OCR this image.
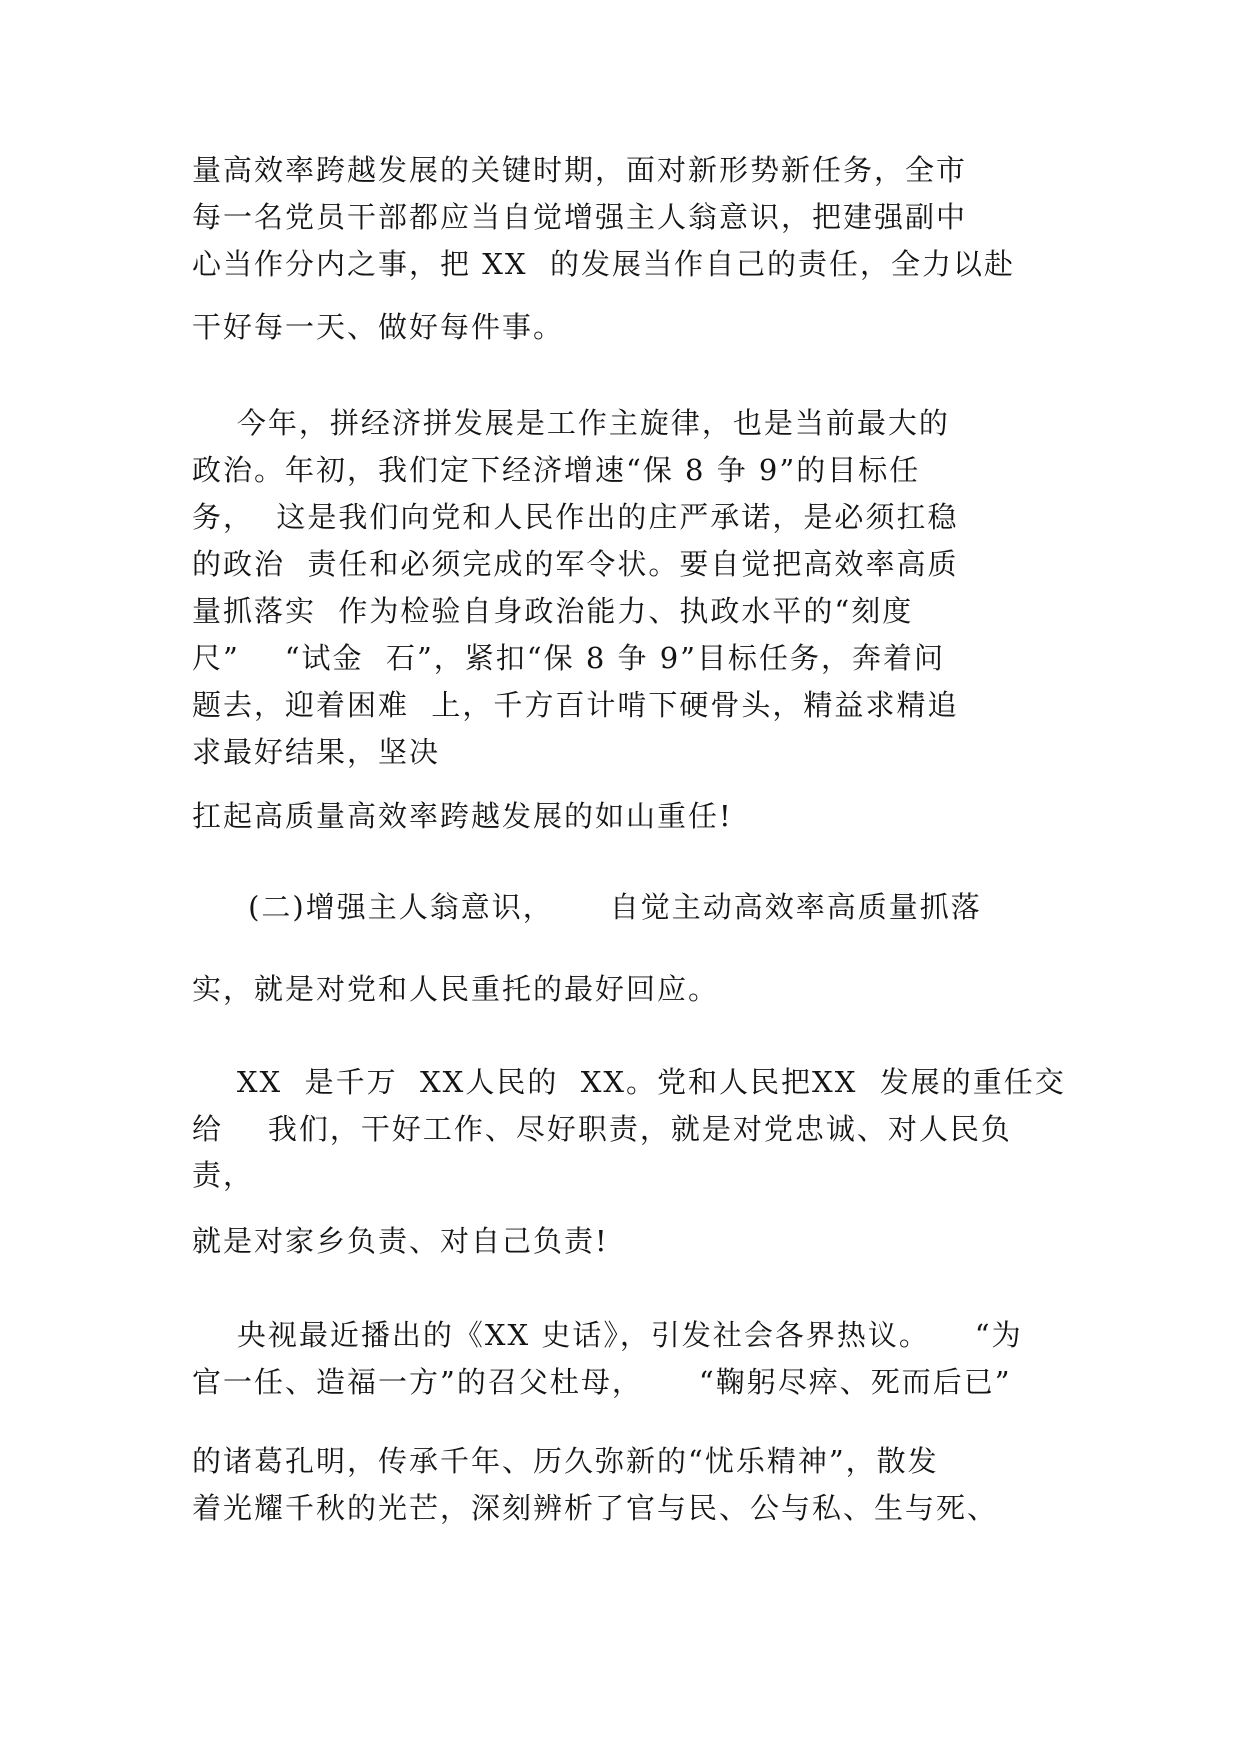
量高效率跨越发展的关键时期，面对新形势新任务，全市
每一名党员干部都应当自觉增强主人翁意识，把建强副中
心当作分内之事，把 XX  的发展当作自己的责任，全力以赴
干好每一天、做好每件事。
今年，拼经济拼发展是工作主旋律，也是当前最大的
政治。年初，我们定下经济增速“保 8 争 9”的目标任
务，  这是我们向党和人民作出的庄严承诺，是必须扛稳
的政治  责任和必须完成的军令状。要自觉把高效率高质
量抓落实  作为检验自身政治能力、执政水平的“刻度
尺”    “试金  石”，紧扣“保 8 争 9”目标任务，奔着问
题去，迎着困难  上，千方百计啃下硬骨头，精益求精追
求最好结果，坚决
扛起高质量高效率跨越发展的如山重任!
(二)增强主人翁意识，     自觉主动高效率高质量抓落
实，就是对党和人民重托的最好回应。
XX  是千万  XX人民的  XX。党和人民把XX  发展的重任交
给    我们，干好工作、尽好职责，就是对党忠诚、对人民负
责，
就是对家乡负责、对自己负责!
央视最近播出的《XX 史话》，引发社会各界热议。    “为
官一任、造福一方”的召父杜母，     “鞠躬尽瘁、死而后已”
的诸葛孔明，传承千年、历久弥新的“忧乐精神”，散发
着光耀千秋的光芒，深刻辨析了官与民、公与私、生与死、
